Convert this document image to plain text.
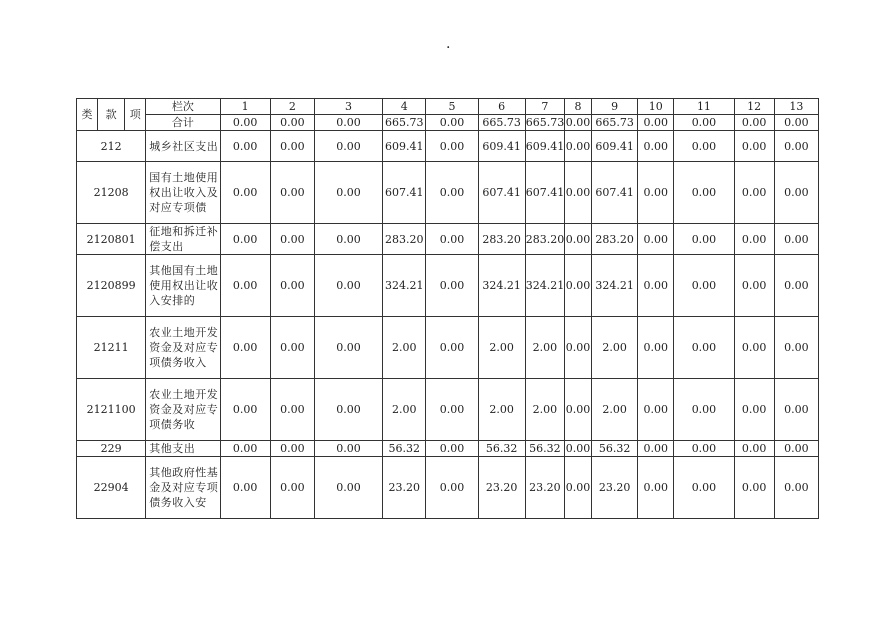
.
类	款	项	栏次	1	2	3	4	5	6	7	8	9	10	11	12	13
			合计	0.00	0.00	0.00	665.73	0.00	665.73	665.73	0.00	665.73	0.00	0.00	0.00	0.00
212			城乡社区支出	0.00	0.00	0.00	609.41	0.00	609.41	609.41	0.00	609.41	0.00	0.00	0.00	0.00
21208			国有土地使用权出让收入及对应专项债	0.00	0.00	0.00	607.41	0.00	607.41	607.41	0.00	607.41	0.00	0.00	0.00	0.00
2120801			征地和拆迁补偿支出	0.00	0.00	0.00	283.20	0.00	283.20	283.20	0.00	283.20	0.00	0.00	0.00	0.00
2120899			其他国有土地使用权出让收入安排的	0.00	0.00	0.00	324.21	0.00	324.21	324.21	0.00	324.21	0.00	0.00	0.00	0.00
21211			农业土地开发资金及对应专项债务收入	0.00	0.00	0.00	2.00	0.00	2.00	2.00	0.00	2.00	0.00	0.00	0.00	0.00
2121100			农业土地开发资金及对应专项债务收	0.00	0.00	0.00	2.00	0.00	2.00	2.00	0.00	2.00	0.00	0.00	0.00	0.00
229			其他支出	0.00	0.00	0.00	56.32	0.00	56.32	56.32	0.00	56.32	0.00	0.00	0.00	0.00
22904			其他政府性基金及对应专项债务收入安	0.00	0.00	0.00	23.20	0.00	23.20	23.20	0.00	23.20	0.00	0.00	0.00	0.00
